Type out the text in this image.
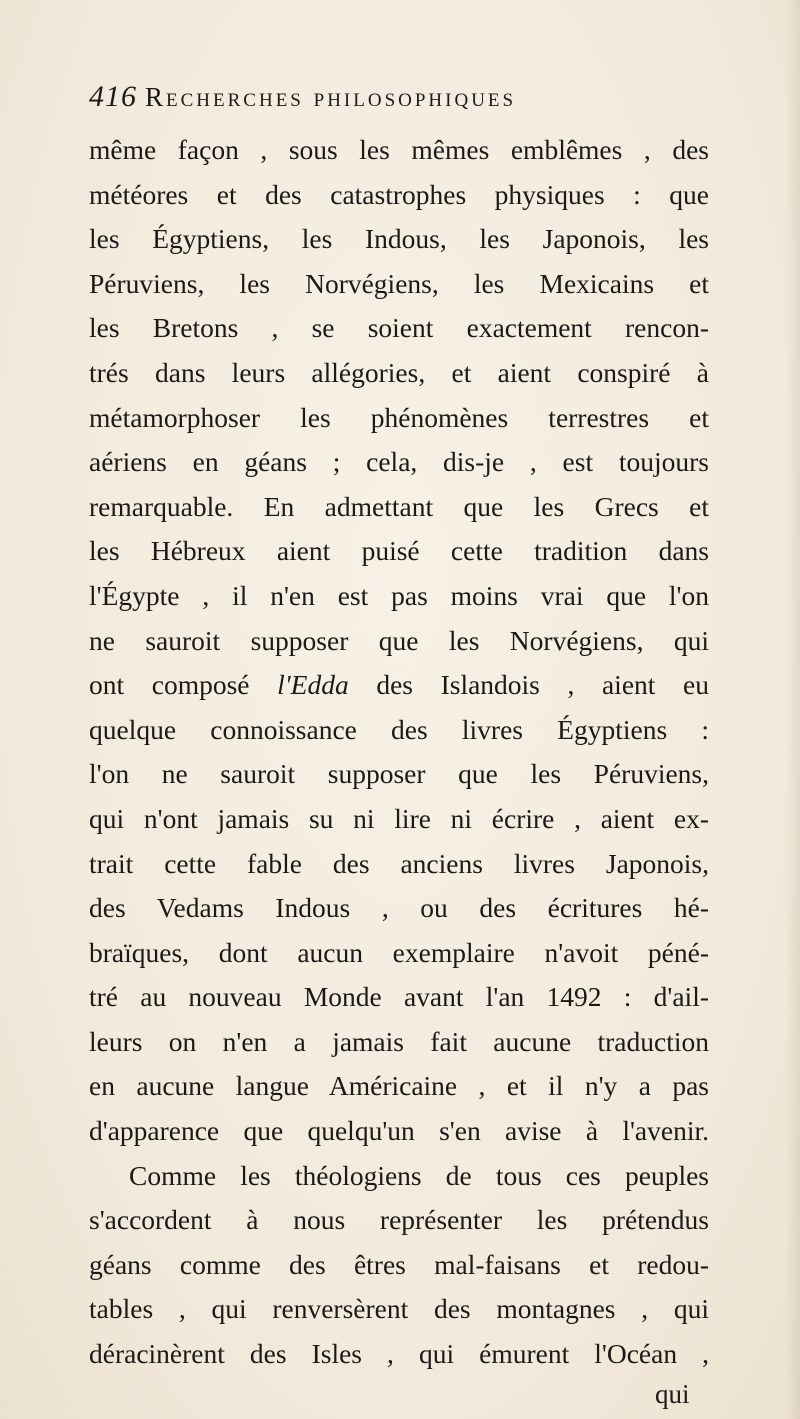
416 RECHERCHES PHILOSOPHIQUES
même façon , sous les mêmes emblêmes , des
météores et des catastrophes physiques : que
les Égyptiens, les Indous, les Japonois, les
Péruviens, les Norvégiens, les Mexicains et
les Bretons , se soient exactement rencon-
trés dans leurs allégories, et aient conspiré à
métamorphoser les phénomènes terrestres et
aériens en géans ; cela, dis-je , est toujours
remarquable. En admettant que les Grecs et
les Hébreux aient puisé cette tradition dans
l'Égypte , il n'en est pas moins vrai que l'on
ne sauroit supposer que les Norvégiens, qui
ont composé l'Edda des Islandois , aient eu
quelque connoissance des livres Égyptiens :
l'on ne sauroit supposer que les Péruviens,
qui n'ont jamais su ni lire ni écrire , aient ex-
trait cette fable des anciens livres Japonois,
des Vedams Indous , ou des écritures hé-
braïques, dont aucun exemplaire n'avoit péné-
tré au nouveau Monde avant l'an 1492 : d'ail-
leurs on n'en a jamais fait aucune traduction
en aucune langue Américaine , et il n'y a pas
d'apparence que quelqu'un s'en avise à l'avenir.
Comme les théologiens de tous ces peuples
s'accordent à nous représenter les prétendus
géans comme des êtres mal-faisans et redou-
tables , qui renversèrent des montagnes , qui
déracinèrent des Isles , qui émurent l'Océan ,
qui
